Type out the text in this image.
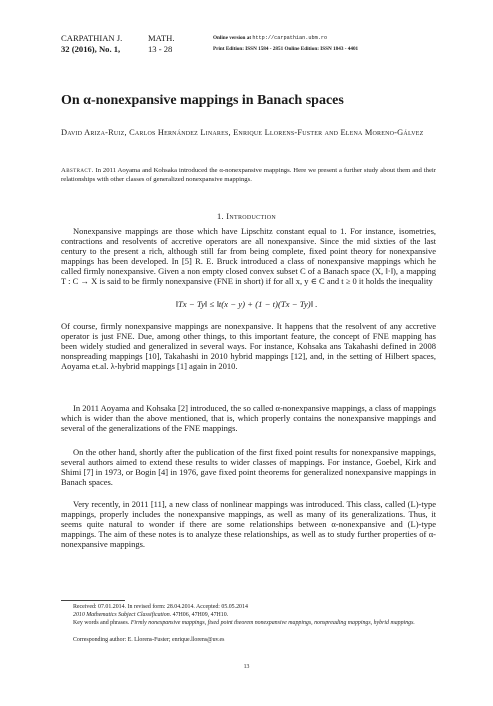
CARPATHIAN J.
32 (2016), No. 1,
MATH.
13 - 28
Online version at http://carpathian.ubm.ro
Print Edition: ISSN 1584 - 2851 Online Edition: ISSN 1843 - 4401
On α-nonexpansive mappings in Banach spaces
David Ariza-Ruiz, Carlos Hernández Linares, Enrique Llorens-Fuster and Elena Moreno-Gálvez
Abstract. In 2011 Aoyama and Kohsaka introduced the α-nonexpansive mappings. Here we present a further study about them and their relationships with other classes of generalized nonexpansive mappings.
1. Introduction
Nonexpansive mappings are those which have Lipschitz constant equal to 1. For instance, isometries, contractions and resolvents of accretive operators are all nonexpansive. Since the mid sixties of the last century to the present a rich, although still far from being complete, fixed point theory for nonexpansive mappings has been developed. In [5] R. E. Bruck introduced a class of nonexpansive mappings which he called firmly nonexpansive. Given a non empty closed convex subset C of a Banach space (X, ‖·‖), a mapping T : C → X is said to be firmly nonexpansive (FNE in short) if for all x, y ∈ C and t ≥ 0 it holds the inequality
‖Tx − Ty‖ ≤ ‖t(x − y) + (1 − t)(Tx − Ty)‖ .
Of course, firmly nonexpansive mappings are nonexpansive. It happens that the resolvent of any accretive operator is just FNE. Due, among other things, to this important feature, the concept of FNE mapping has been widely studied and generalized in several ways. For instance, Kohsaka ans Takahashi defined in 2008 nonspreading mappings [10], Takahashi in 2010 hybrid mappings [12], and, in the setting of Hilbert spaces, Aoyama et.al. λ-hybrid mappings [1] again in 2010.
In 2011 Aoyama and Kohsaka [2] introduced, the so called α-nonexpansive mappings, a class of mappings which is wider than the above mentioned, that is, which properly contains the nonexpansive mappings and several of the generalizations of the FNE mappings.
On the other hand, shortly after the publication of the first fixed point results for nonexpansive mappings, several authors aimed to extend these results to wider classes of mappings. For instance, Goebel, Kirk and Shimi [7] in 1973, or Bogin [4] in 1976, gave fixed point theorems for generalized nonexpansive mappings in Banach spaces.
Very recently, in 2011 [11], a new class of nonlinear mappings was introduced. This class, called (L)-type mappings, properly includes the nonexpansive mappings, as well as many of its generalizations. Thus, it seems quite natural to wonder if there are some relationships between α-nonexpansive and (L)-type mappings. The aim of these notes is to analyze these relationships, as well as to study further properties of α-nonexpansive mappings.
Received: 07.01.2014. In revised form: 28.04.2014. Accepted: 05.05.2014
2010 Mathematics Subject Classification. 47H06, 47H09, 47H10.
Key words and phrases. Firmly nonexpansive mappings, fixed point theorem nonexpansive mappings, nonspreading mappings, hybrid mappings.
Corresponding author: E. Llorens-Fuster; enrique.llorens@uv.es
13
